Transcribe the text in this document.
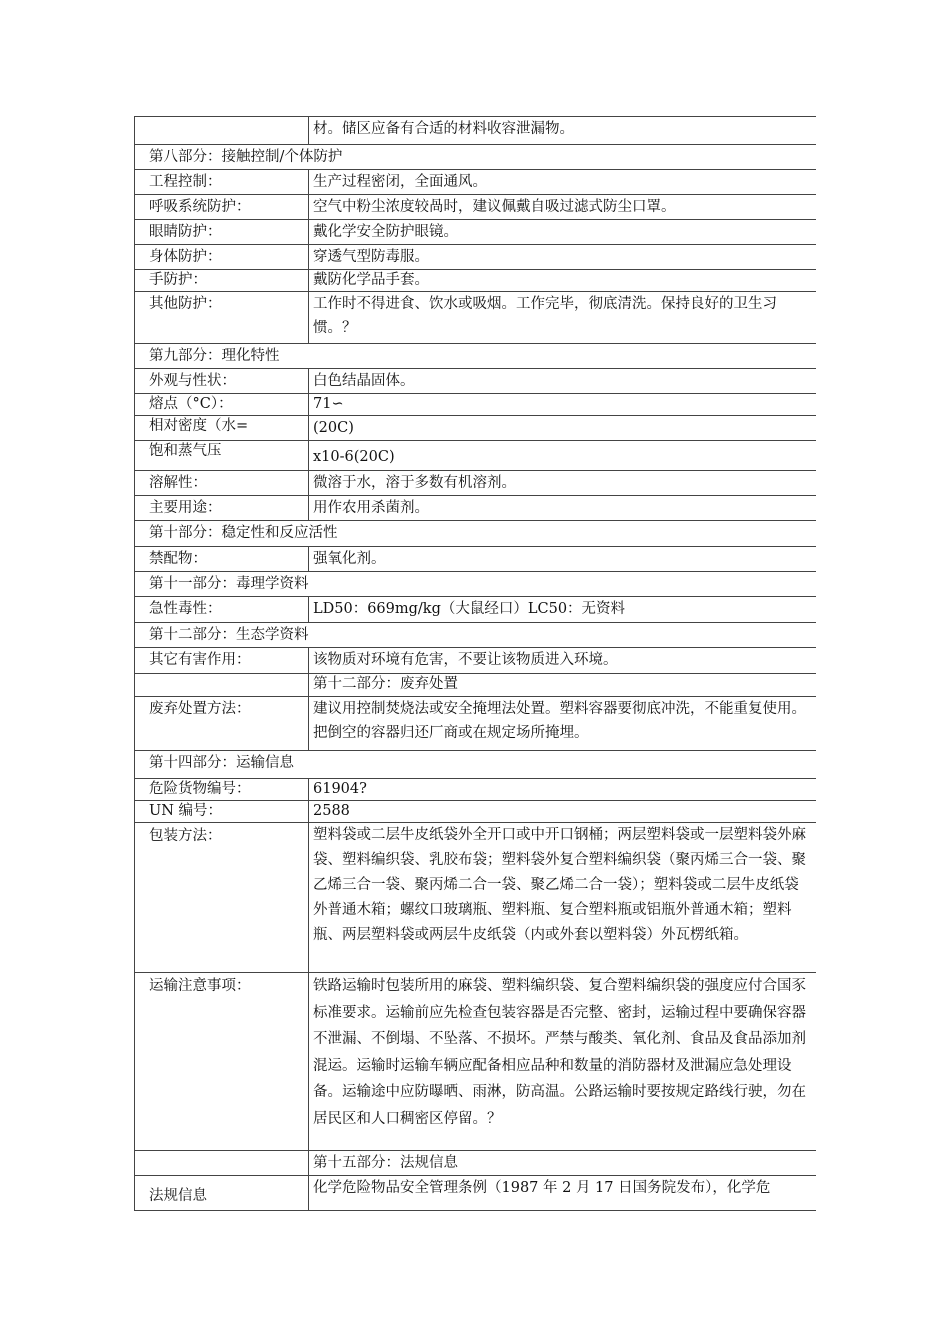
	材。储区应备有合适的材料收容泄漏物。
第八部分：接触控制/个体防护	
工程控制：	生产过程密闭，全面通风。
呼吸系统防护：	空气中粉尘浓度较咼时，建议佩戴自吸过滤式防尘口罩。
眼睛防护：	戴化学安全防护眼镜。
身体防护：	穿透气型防毒服。
手防护：	戴防化学品手套。
其他防护：	工作时不得进食、饮水或吸烟。工作完毕，彻底清洗。保持良好的卫生习惯。？
第九部分：理化特性	
外观与性状：	白色结晶固体。
熔点（°C）：	71∽
相对密度（水=	(20C)
饱和蒸气压	x10-6(20C)
溶解性：	微溶于水，溶于多数有机溶剂。
主要用途：	用作农用杀菌剂。
第十部分：稳定性和反应活性	
禁配物：	强氧化剂。
第十一部分：毒理学资料	
急性毒性：	LD50：669mg/kg（大鼠经口）LC50：无资料
第十二部分：生态学资料	
其它有害作用：	该物质对环境有危害，不要让该物质进入环境。
	第十二部分：废弃处置
废弃处置方法：	建议用控制焚烧法或安全掩埋法处置。塑料容器要彻底冲洗，不能重复使用。把倒空的容器归还厂商或在规定场所掩埋。
第十四部分：运输信息	
危险货物编号：	61904?
UN 编号：	2588
包装方法：	塑料袋或二层牛皮纸袋外全开口或中开口钢桶；两层塑料袋或一层塑料袋外麻袋、塑料编织袋、乳胶布袋；塑料袋外复合塑料编织袋（聚丙烯三合一袋、聚乙烯三合一袋、聚丙烯二合一袋、聚乙烯二合一袋）；塑料袋或二层牛皮纸袋外普通木箱；螺纹口玻璃瓶、塑料瓶、复合塑料瓶或铝瓶外普通木箱；塑料瓶、两层塑料袋或两层牛皮纸袋（内或外套以塑料袋）外瓦楞纸箱。
运输注意事项：	铁路运输时包装所用的麻袋、塑料编织袋、复合塑料编织袋的强度应付合国豕标准要求。运输前应先检查包装容器是否完整、密封，运输过程中要确保容器不泄漏、不倒塌、不坠落、不损坏。严禁与酸类、氧化剂、食品及食品添加剂混运。运输时运输车辆应配备相应品种和数量的消防器材及泄漏应急处理设备。运输途中应防曝晒、雨淋，防高温。公路运输时要按规定路线行驶，勿在居民区和人口稠密区停留。？
	第十五部分：法规信息
法规信息	化学危险物品安全管理条例（1987 年 2 月 17 日国务院发布），化学危
